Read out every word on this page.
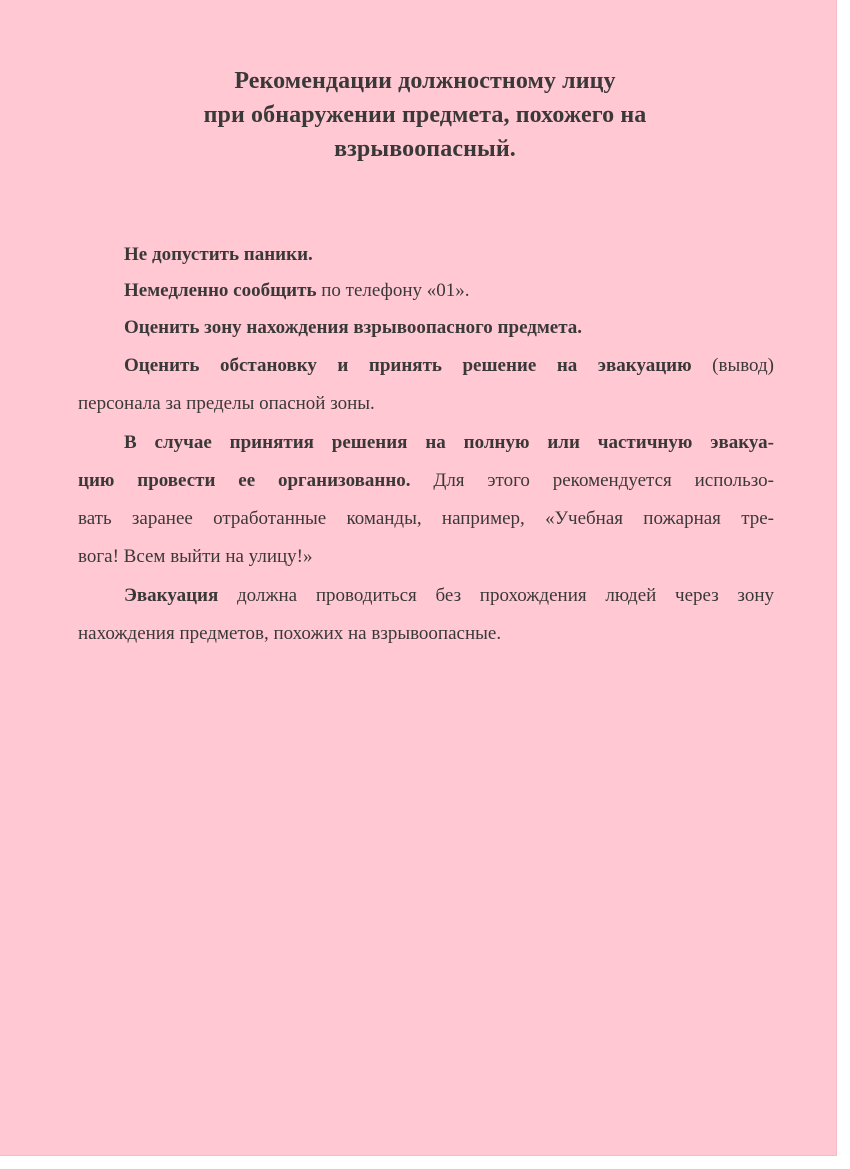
Рекомендации должностному лицу
при обнаружении предмета, похожего на
взрывоопасный.

Не допустить паники.

Немедленно сообщить по телефону «01».

Оценить зону нахождения взрывоопасного предмета.

Оценить обстановку и принять решение на эвакуацию (вывод)
персонала за пределы опасной зоны.
В случае принятия решения на полную или частичную эвакуа-
цию провести ее организованно. Для этого рекомендуется использо-
вать заранее отработанные команды, например, «Учебная пожарная тре-
вога! Всем выйти на улицу!»
Эвакуация должна проводиться без прохождения людей через зону
нахождения предметов, похожих на взрывоопасные.
